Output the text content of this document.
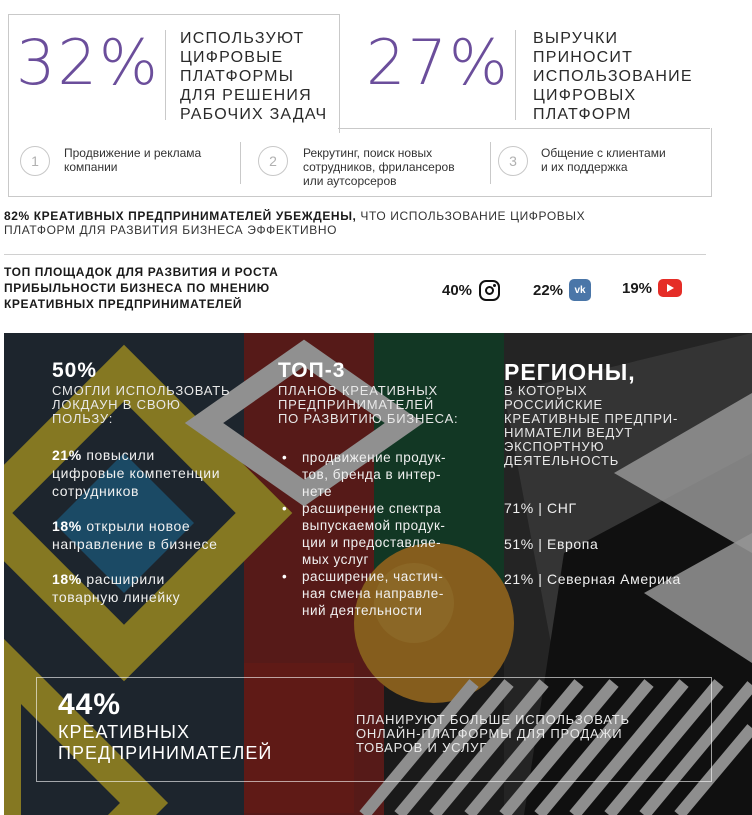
32% ИСПОЛЬЗУЮТ
ЦИФРОВЫЕ
ПЛАТФОРМЫ
ДЛЯ РЕШЕНИЯ
РАБОЧИХ ЗАДАЧ
27% ВЫРУЧКИ
ПРИНОСИТ
ИСПОЛЬЗОВАНИЕ
ЦИФРОВЫХ
ПЛАТФОРМ
1	Продвижение и реклама
компании	2	Рекрутинг, поиск новых
сотрудников, фрилансеров
или аутсорсеров
3	Общение с клиентами
и их поддержка
82% КРЕАТИВНЫХ ПРЕДПРИНИМАТЕЛЕЙ УБЕЖДЕНЫ, ЧТО ИСПОЛЬЗОВАНИЕ ЦИФРОВЫХ
ПЛАТФОРМ ДЛЯ РАЗВИТИЯ БИЗНЕСА ЭФФЕКТИВНО
ТОП ПЛОЩАДОК ДЛЯ РАЗВИТИЯ И РОСТА
ПРИБЫЛЬНОСТИ БИЗНЕСА ПО МНЕНИЮ
КРЕАТИВНЫХ ПРЕДПРИНИМАТЕЛЕЙ
40%	22%	vk	19%
50%
СМОГЛИ ИСПОЛЬЗОВАТЬ
ЛОКДАУН В СВОЮ
ПОЛЬЗУ:
21% повысили
цифровые компетенции
сотрудников
18% открыли новое
направление в бизнесе
18% расширили
товарную линейку
ТОП-3
ПЛАНОВ КРЕАТИВНЫХ
ПРЕДПРИНИМАТЕЛЕЙ
ПО РАЗВИТИЮ БИЗНЕСА:
• продвижение продук-
тов, бренда в интер-
нете
• расширение спектра
выпускаемой продук-
ции и предоставляе-
мых услуг
• расширение, частич-
ная смена направле-
ний деятельности
РЕГИОНЫ,
В КОТОРЫХ
РОССИЙСКИЕ
КРЕАТИВНЫЕ ПРЕДПРИ-
НИМАТЕЛИ ВЕДУТ
ЭКСПОРТНУЮ
ДЕЯТЕЛЬНОСТЬ
71% | СНГ
51% | Европа
21% | Северная Америка
44%
КРЕАТИВНЫХ
ПРЕДПРИНИМАТЕЛЕЙ
ПЛАНИРУЮТ БОЛЬШЕ ИСПОЛЬЗОВАТЬ
ОНЛАЙН-ПЛАТФОРМЫ ДЛЯ ПРОДАЖИ
ТОВАРОВ И УСЛУГ
